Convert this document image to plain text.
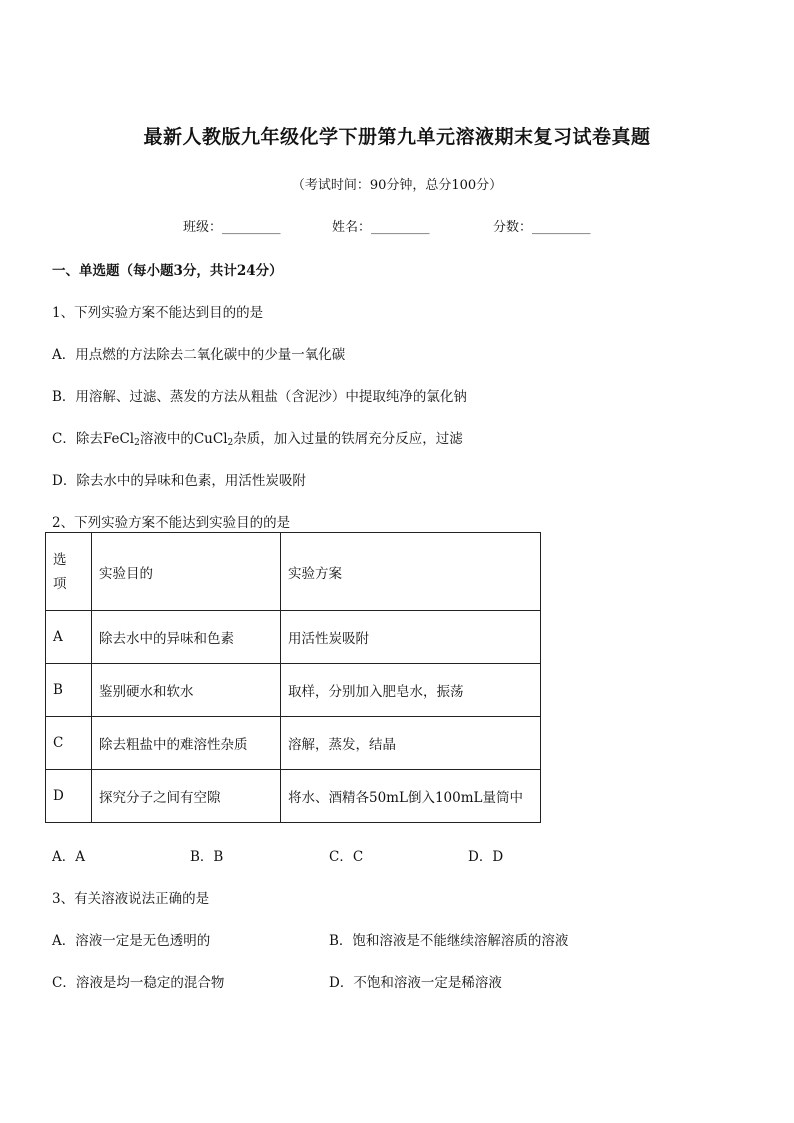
最新人教版九年级化学下册第九单元溶液期末复习试卷真题
（考试时间：90分钟，总分100分）
班级：_________	姓名：_________	分数：_________
一、单选题（每小题3分，共计24分）
1、下列实验方案不能达到目的的是
A．用点燃的方法除去二氧化碳中的少量一氧化碳
B．用溶解、过滤、蒸发的方法从粗盐（含泥沙）中提取纯净的氯化钠
C．除去FeCl$_2$溶液中的CuCl$_2$杂质，加入过量的铁屑充分反应，过滤
D．除去水中的异味和色素，用活性炭吸附
2、下列实验方案不能达到实验目的的是
选
项	实验目的	实验方案
A	除去水中的异味和色素	用活性炭吸附
B	鉴别硬水和软水	取样，分别加入肥皂水，振荡
C	除去粗盐中的难溶性杂质	溶解，蒸发，结晶
D	探究分子之间有空隙	将水、酒精各50mL倒入100mL量筒中
A．A	B．B	C．C	D．D
3、有关溶液说法正确的是
A．溶液一定是无色透明的	B．饱和溶液是不能继续溶解溶质的溶液
C．溶液是均一稳定的混合物	D．不饱和溶液一定是稀溶液
